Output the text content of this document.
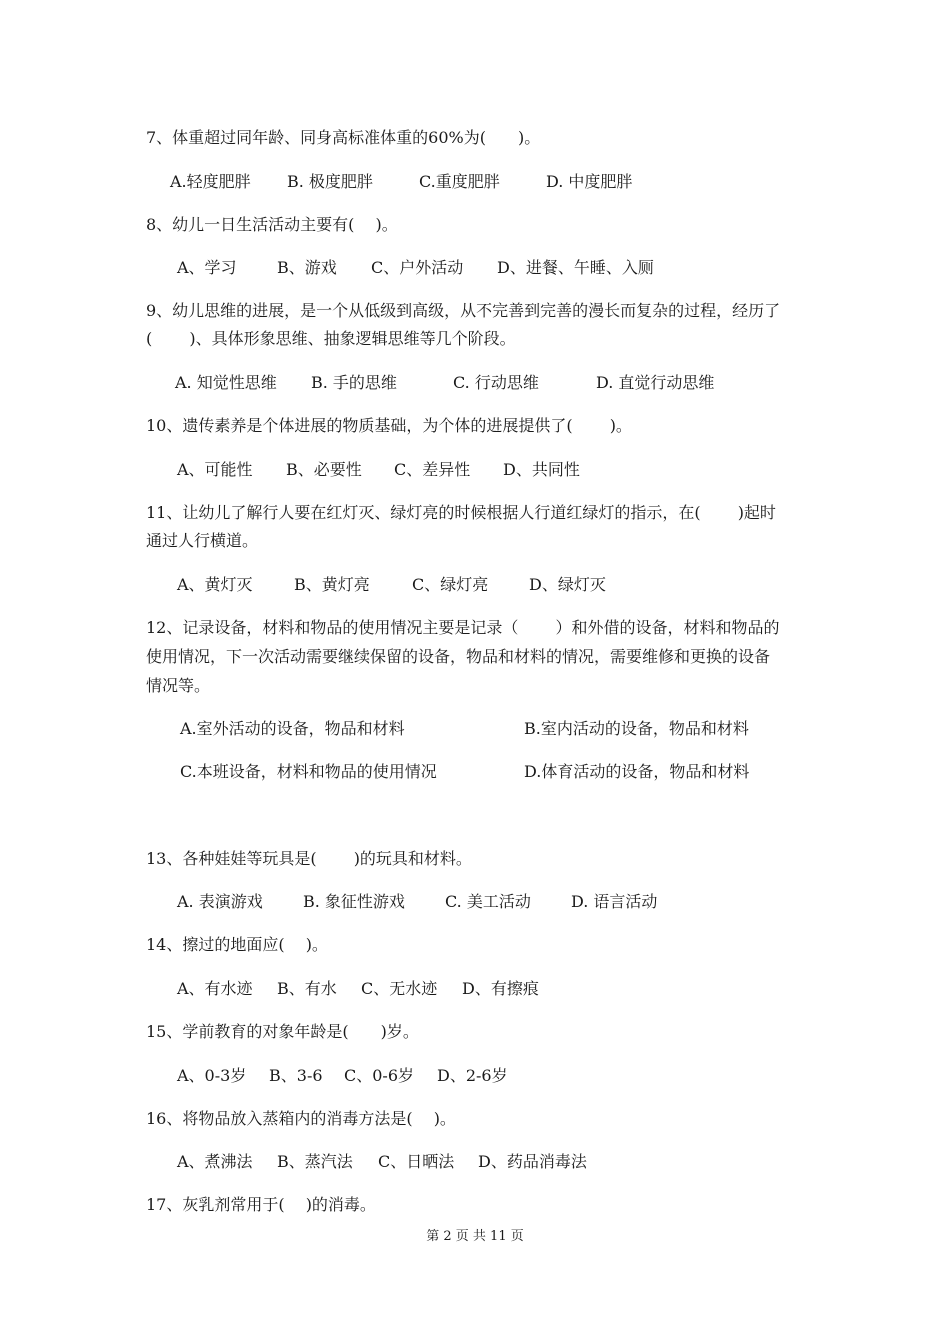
7、体重超过同年龄、同身高标准体重的60%为(　　)。
A.轻度肥胖 B. 极度肥胖	C.重度肥胖	D. 中度肥胖
8、幼儿一日生活活动主要有(　 )。
A、学习	B、游戏 C、户外活动 D、进餐、午睡、入厕
9、幼儿思维的进展，是一个从低级到高级，从不完善到完善的漫长而复杂的过程，经历了
(　　 )、具体形象思维、抽象逻辑思维等几个阶段。
A. 知觉性思维 B. 手的思维	C. 行动思维	D. 直觉行动思维
10、遗传素养是个体进展的物质基础，为个体的进展提供了(　　 )。
A、可能性 B、必要性 C、差异性 D、共同性
11、让幼儿了解行人要在红灯灭、绿灯亮的时候根据人行道红绿灯的指示，在(　　 )起时
通过人行横道。
A、黄灯灭	B、黄灯亮	C、绿灯亮	D、绿灯灭
12、记录设备，材料和物品的使用情况主要是记录（　　 ）和外借的设备，材料和物品的
使用情况，下一次活动需要继续保留的设备，物品和材料的情况，需要维修和更换的设备
情况等。
A.室外活动的设备，物品和材料	B.室内活动的设备，物品和材料
C.本班设备，材料和物品的使用情况	D.体育活动的设备，物品和材料
13、各种娃娃等玩具是(　　 )的玩具和材料。
A. 表演游戏	B. 象征性游戏	C. 美工活动	D. 语言活动
14、擦过的地面应(　 )。
A、有水迹 B、有水 C、无水迹 D、有擦痕
15、学前教育的对象年龄是(　　)岁。
A、0-3岁 B、3-6 C、0-6岁 D、2-6岁
16、将物品放入蒸箱内的消毒方法是(　 )。
A、煮沸法 B、蒸汽法 C、日晒法 D、药品消毒法
17、灰乳剂常用于(　 )的消毒。
第 2 页 共 11 页
